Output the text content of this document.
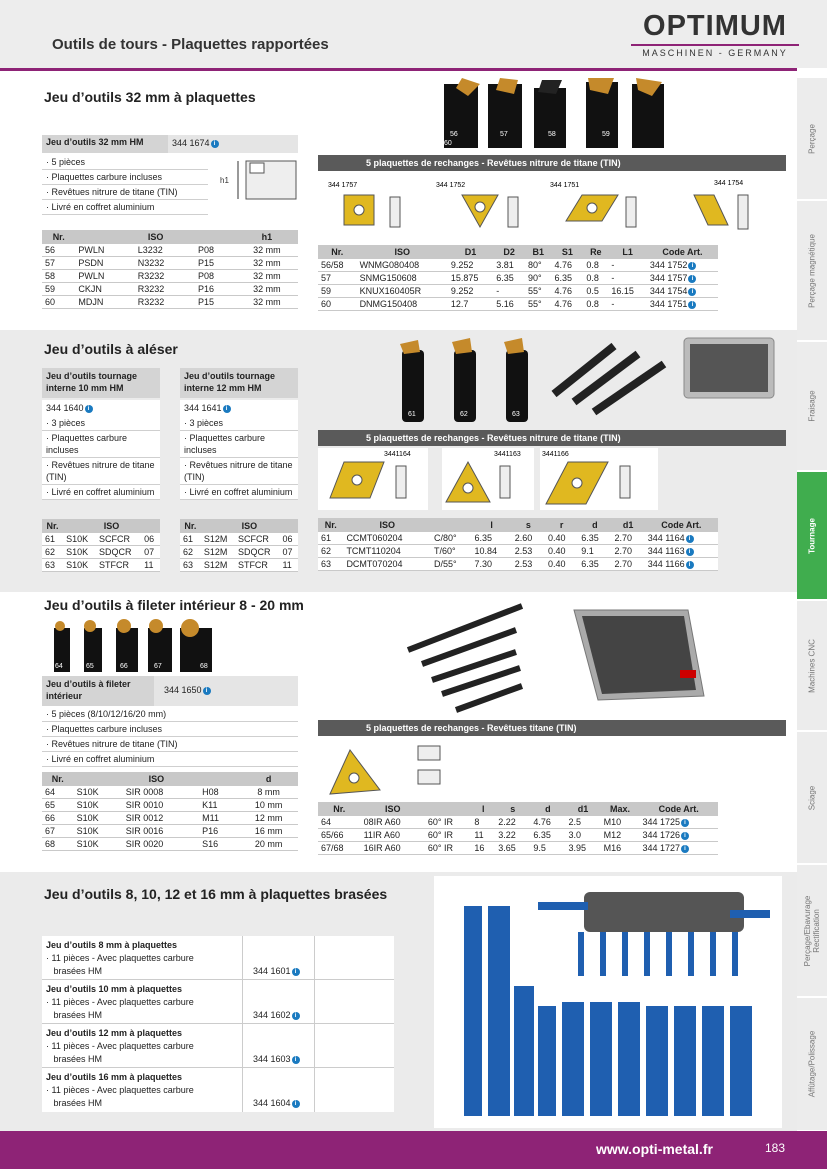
Outils de tours - Plaquettes rapportées
OPTIMUM
MASCHINEN - GERMANY
Perçage
Perçage magnétique
Fraisage
Tournage
Machines CNC
Sciage
Perçage/Ebavurage Rectification
Affûtage/Polissage
Jeu d’outils 32 mm à plaquettes
Jeu d’outils 32 mm HM	344 1674 i
· 5 pièces
· Plaquettes carbure incluses
· Revêtues nitrure de titane (TIN)
· Livré en coffret aluminium
h1
Nr.	ISO			h1
56	PWLN	L3232	P08	32 mm
57	PSDN	N3232	P15	32 mm
58	PWLN	R3232	P08	32 mm
59	CKJN	R3232	P16	32 mm
60	MDJN	R3232	P15	32 mm
56
60
57	58	59
5 plaquettes de rechanges - Revêtues nitrure de titane (TIN)
344 1757	344 1752	344 1751	344 1754
Nr.	ISO	D1	D2	B1	S1	Re	L1	Code Art.
56/58	WNMG080408	9.252	3.81	80°	4.76	0.8	-	344 1752 i
57	SNMG150608	15.875	6.35	90°	6.35	0.8	-	344 1757 i
59	KNUX160405R	9.252	-	55°	4.76	0.5	16.15	344 1754 i
60	DNMG150408	12.7	5.16	55°	4.76	0.8	-	344 1751 i
Jeu d’outils à aléser
Jeu d’outils tournage interne 10 mm HM
344 1640 i
· 3 pièces
· Plaquettes carbure incluses
· Revêtues nitrure de titane (TIN)
· Livré en coffret aluminium
Jeu d’outils tournage interne 12 mm HM
344 1641 i
· 3 pièces
· Plaquettes carbure incluses
· Revêtues nitrure de titane (TIN)
· Livré en coffret aluminium
Nr.	ISO		
61	S10K	SCFCR	06
62	S10K	SDQCR	07
63	S10K	STFCR	11
Nr.	ISO		
61	S12M	SCFCR	06
62	S12M	SDQCR	07
63	S12M	STFCR	11
61	62	63
5 plaquettes de rechanges - Revêtues nitrure de titane (TIN)
3441164	3441163	3441166
Nr.	ISO		l	s	r	d	d1	Code Art.
61	CCMT060204	C/80°	6.35	2.60	0.40	6.35	2.70	344 1164 i
62	TCMT110204	T/60°	10.84	2.53	0.40	9.1	2.70	344 1163 i
63	DCMT070204	D/55°	7.30	2.53	0.40	6.35	2.70	344 1166 i
Jeu d’outils à fileter intérieur 8 - 20 mm
64	65	66	67	68
Jeu d’outils à fileter intérieur
344 1650 i
· 5 pièces (8/10/12/16/20 mm)
· Plaquettes carbure incluses
· Revêtues nitrure de titane (TIN)
· Livré en coffret aluminium
Nr.	ISO			d
64	S10K	SIR 0008	H08	8 mm
65	S10K	SIR 0010	K11	10 mm
66	S10K	SIR 0012	M11	12 mm
67	S10K	SIR 0016	P16	16 mm
68	S10K	SIR 0020	S16	20 mm
5 plaquettes de rechanges - Revêtues titane (TIN)
Nr.	ISO		l	s	d	d1	Max.	Code Art.
64	08IR A60	60° IR	8	2.22	4.76	2.5	M10	344 1725 i
65/66	11IR A60	60° IR	11	3.22	6.35	3.0	M12	344 1726 i
67/68	16IR A60	60° IR	16	3.65	9.5	3.95	M16	344 1727 i
Jeu d’outils 8, 10, 12 et 16 mm à plaquettes brasées
Jeu d’outils 8 mm à plaquettes
· 11 pièces - Avec plaquettes carbure
brasées HM	344 1601 i
Jeu d’outils 10 mm à plaquettes
· 11 pièces - Avec plaquettes carbure
brasées HM	344 1602 i
Jeu d’outils 12 mm à plaquettes
· 11 pièces - Avec plaquettes carbure
brasées HM	344 1603 i
Jeu d’outils 16 mm à plaquettes
· 11 pièces - Avec plaquettes carbure
brasées HM	344 1604 i
www.opti-metal.fr	183
